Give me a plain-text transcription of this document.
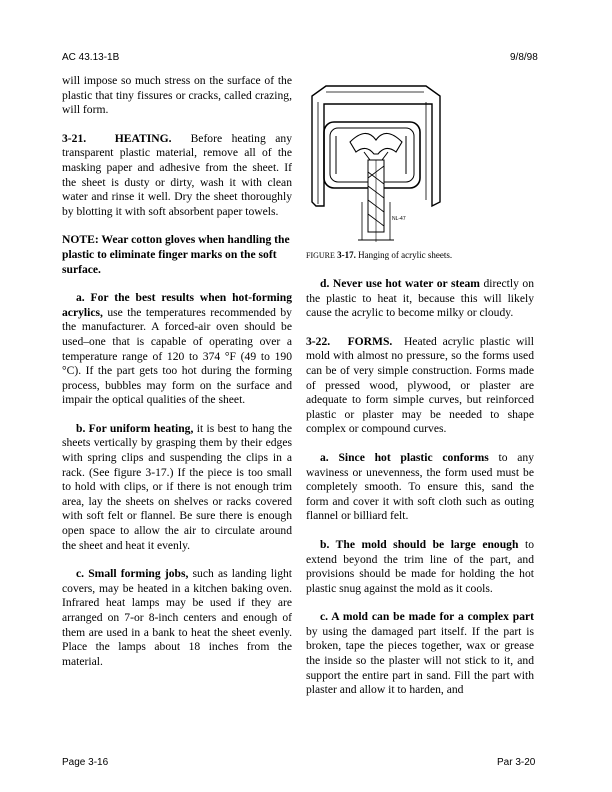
AC 43.13-1B	9/8/98

will impose so much stress on the surface of the plastic that tiny fissures or cracks, called crazing, will form.

3-21. HEATING. Before heating any transparent plastic material, remove all of the masking paper and adhesive from the sheet. If the sheet is dusty or dirty, wash it with clean water and rinse it well. Dry the sheet thoroughly by blotting it with soft absorbent paper towels.

NOTE: Wear cotton gloves when handling the plastic to eliminate finger marks on the soft surface.

a. For the best results when hot-forming acrylics, use the temperatures recommended by the manufacturer. A forced-air oven should be used–one that is capable of operating over a temperature range of 120 to 374 °F (49 to 190 °C). If the part gets too hot during the forming process, bubbles may form on the surface and impair the optical qualities of the sheet.

b. For uniform heating, it is best to hang the sheets vertically by grasping them by their edges with spring clips and suspending the clips in a rack. (See figure 3-17.) If the piece is too small to hold with clips, or if there is not enough trim area, lay the sheets on shelves or racks covered with soft felt or flannel. Be sure there is enough open space to allow the air to circulate around the sheet and heat it evenly.

c. Small forming jobs, such as landing light covers, may be heated in a kitchen baking oven. Infrared heat lamps may be used if they are arranged on 7-or 8-inch centers and enough of them are used in a bank to heat the sheet evenly. Place the lamps about 18 inches from the material.

NL-47
FIGURE 3-17. Hanging of acrylic sheets.

d. Never use hot water or steam directly on the plastic to heat it, because this will likely cause the acrylic to become milky or cloudy.

3-22. FORMS. Heated acrylic plastic will mold with almost no pressure, so the forms used can be of very simple construction. Forms made of pressed wood, plywood, or plaster are adequate to form simple curves, but reinforced plastic or plaster may be needed to shape complex or compound curves.

a. Since hot plastic conforms to any waviness or unevenness, the form used must be completely smooth. To ensure this, sand the form and cover it with soft cloth such as outing flannel or billiard felt.

b. The mold should be large enough to extend beyond the trim line of the part, and provisions should be made for holding the hot plastic snug against the mold as it cools.

c. A mold can be made for a complex part by using the damaged part itself. If the part is broken, tape the pieces together, wax or grease the inside so the plaster will not stick to it, and support the entire part in sand. Fill the part with plaster and allow it to harden, and

Page 3-16	Par 3-20
